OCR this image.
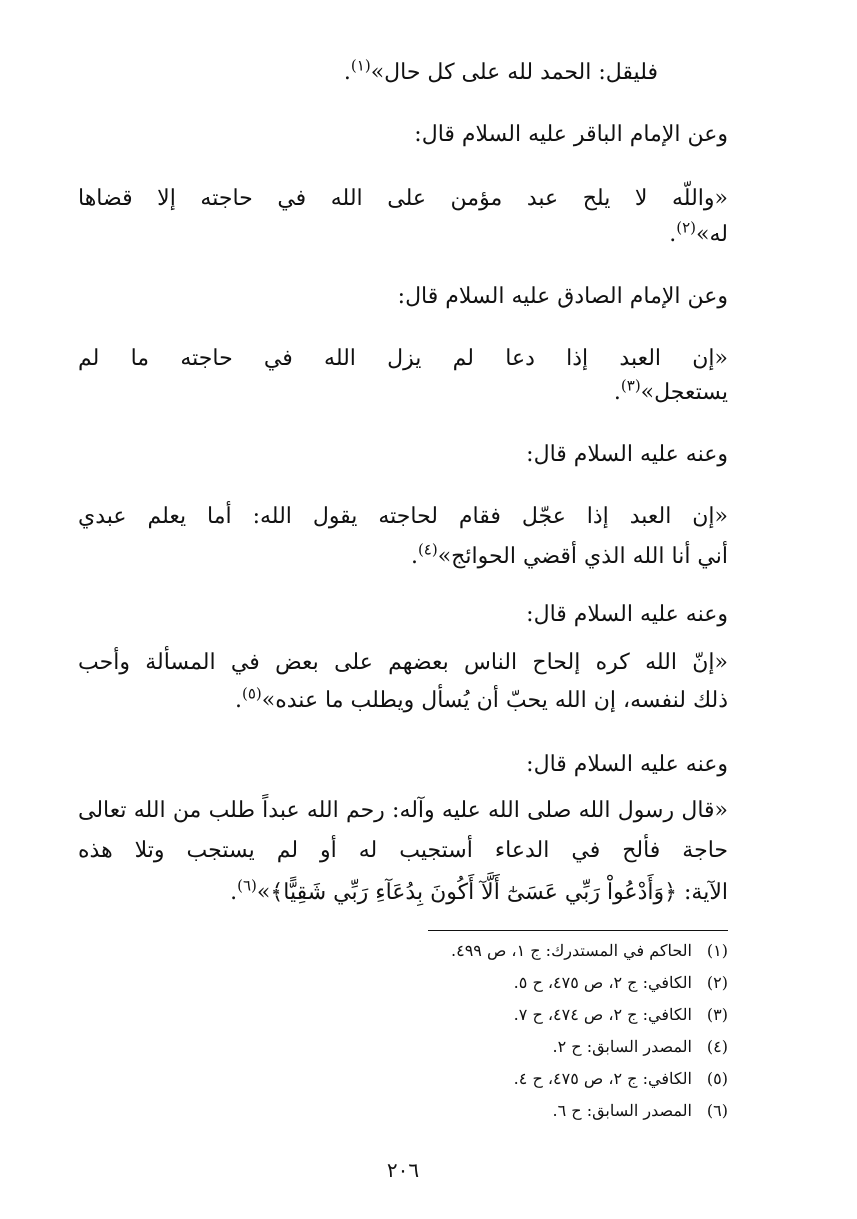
فليقل: الحمد لله على كل حال»$^{(١)}$.
وعن الإمام الباقر عليه السلام قال:
«واللّه لا يلح عبد مؤمن على الله في حاجته إلا قضاها
له»$^{(٢)}$.
وعن الإمام الصادق عليه السلام قال:
«إن العبد إذا دعا لم يزل الله في حاجته ما لم
يستعجل»$^{(٣)}$.
وعنه عليه السلام قال:
«إن العبد إذا عجّل فقام لحاجته يقول الله: أما يعلم عبدي
أني أنا الله الذي أقضي الحوائج»$^{(٤)}$.
وعنه عليه السلام قال:
«إنّ الله كره إلحاح الناس بعضهم على بعض في المسألة وأحب
ذلك لنفسه، إن الله يحبّ أن يُسأل ويطلب ما عنده»$^{(٥)}$.
وعنه عليه السلام قال:
«قال رسول الله صلى الله عليه وآله: رحم الله عبداً طلب من الله تعالى
حاجة فألح في الدعاء أستجيب له أو لم يستجب وتلا هذه
الآية: ﴿وَأَدْعُواْ رَبِّي عَسَىٰٓ أَلَّآ أَكُونَ بِدُعَآءِ رَبِّي شَقِيًّا﴾»$^{(٦)}$.
(١)الحاكم في المستدرك: ج ١، ص ٤٩٩.
(٢)الكافي: ج ٢، ص ٤٧٥، ح ٥.
(٣)الكافي: ج ٢، ص ٤٧٤، ح ٧.
(٤)المصدر السابق: ح ٢.
(٥)الكافي: ج ٢، ص ٤٧٥، ح ٤.
(٦)المصدر السابق: ح ٦.
٢٠٦
